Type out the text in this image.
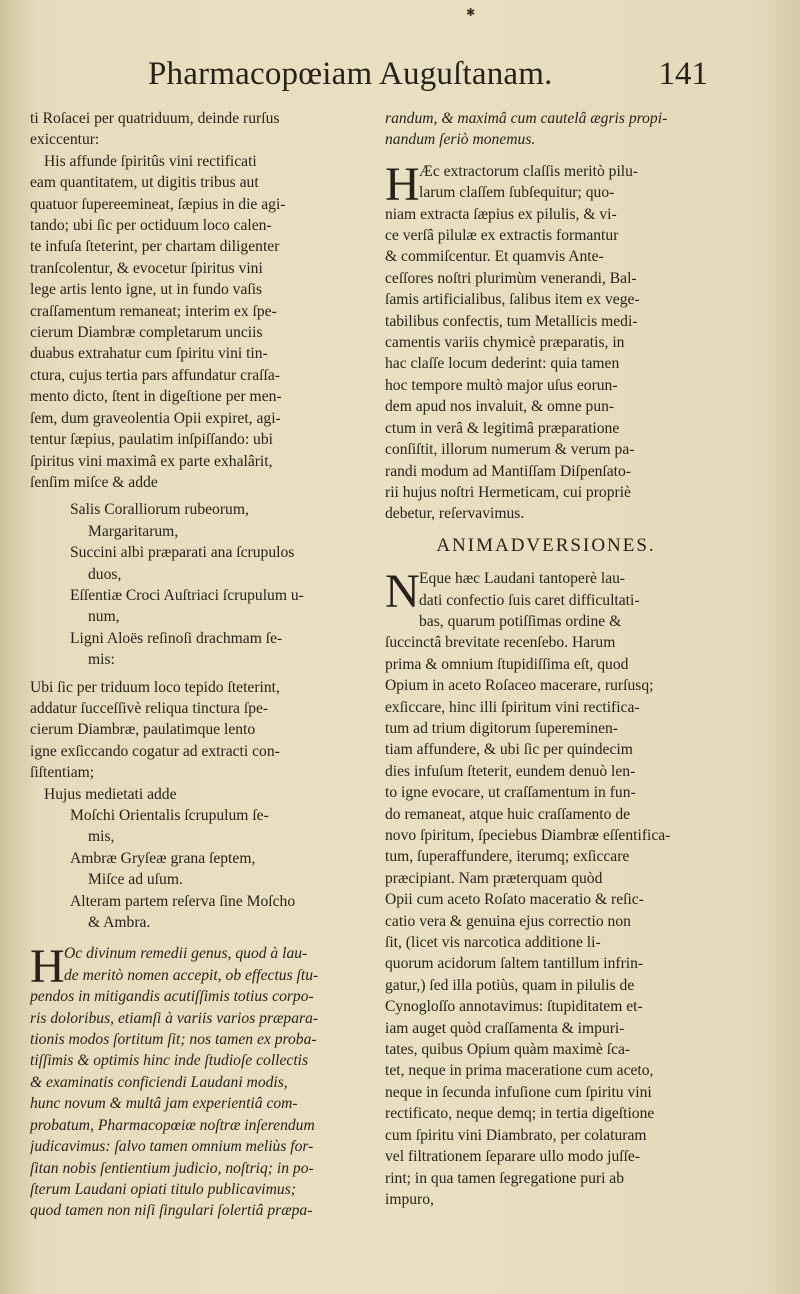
✱
Pharmacopœiam Auguſtanam.	141
ti Roſacei per quatriduum, deinde rurſus
exiccentur:
His affunde ſpiritûs vini rectificati
eam quantitatem, ut digitis tribus aut
quatuor ſupereemineat, ſæpius in die agi-
tando; ubi ſic per octiduum loco calen-
te infuſa ſteterint, per chartam diligenter
tranſcolentur, & evocetur ſpiritus vini
lege artis lento igne, ut in fundo vaſis
craſſamentum remaneat; interim ex ſpe-
cierum Diambræ completarum unciis
duabus extrahatur cum ſpiritu vini tin-
ctura, cujus tertia pars affundatur craſſa-
mento dicto, ſtent in digeſtione per men-
ſem, dum graveolentia Opii expiret, agi-
tentur ſæpius, paulatim inſpiſſando: ubi
ſpiritus vini maximâ ex parte exhalârit,
ſenſim miſce & adde
Salis Coralliorum rubeorum,
Margaritarum,
Succini albi præparati ana ſcrupulos
duos,
Eſſentiæ Croci Auſtriaci ſcrupulum u-
num,
Ligni Aloës reſinoſi drachmam ſe-
mis:
Ubi ſic per triduum loco tepido ſteterint,
addatur ſucceſſivè reliqua tinctura ſpe-
cierum Diambræ, paulatimque lento
igne exſiccando cogatur ad extracti con-
ſiſtentiam;
Hujus medietati adde
Moſchi Orientalis ſcrupulum ſe-
mis,
Ambræ Gryſeæ grana ſeptem,
Miſce ad uſum.
Alteram partem reſerva ſine Moſcho
& Ambra.
H Oc divinum remedii genus, quod à lau-
de meritò nomen accepit, ob effectus ſtu-
pendos in mitigandis acutiſſimis totius corpo-
ris doloribus, etiamſi à variis varios præpara-
tionis modos ſortitum ſit; nos tamen ex proba-
tiſſimis & optimis hinc inde ſtudioſe collectis
& examinatis conficiendi Laudani modis,
hunc novum & multâ jam experientiâ com-
probatum, Pharmacopœiæ noſtræ inſerendum
judicavimus: ſalvo tamen omnium meliùs for-
ſitan nobis ſentientium judicio, noſtriq; in po-
ſterum Laudani opiati titulo publicavimus;
quod tamen non niſi ſingulari ſolertiâ præpa-
randum, & maximâ cum cautelâ ægris propi-
nandum ſeriò monemus.
H Æc extractorum claſſis meritò pilu-
larum claſſem ſubſequitur; quo-
niam extracta ſæpius ex pilulis, & vi-
ce verſâ pilulæ ex extractis formantur
& commiſcentur. Et quamvis Ante-
ceſſores noſtri plurimùm venerandi, Bal-
ſamis artificialibus, ſalibus item ex vege-
tabilibus confectis, tum Metallicis medi-
camentis variis chymicè præparatis, in
hac claſſe locum dederint: quia tamen
hoc tempore multò major uſus eorun-
dem apud nos invaluit, & omne pun-
ctum in verâ & legitimâ præparatione
conſiſtit, illorum numerum & verum pa-
randi modum ad Mantiſſam Diſpenſato-
rii hujus noſtri Hermeticam, cui propriè
debetur, reſervavimus.
ANIMADVERSIONES.
N Eque hæc Laudani tantoperè lau-
dati confectio ſuis caret difficultati-
bas, quarum potiſſimas ordine &
ſuccinctâ brevitate recenſebo. Harum
prima & omnium ſtupidiſſima eſt, quod
Opium in aceto Roſaceo macerare, rurſusq;
exſiccare, hinc illi ſpiritum vini rectifica-
tum ad trium digitorum ſupereminen-
tiam affundere, & ubi ſic per quindecim
dies infuſum ſteterit, eundem denuò len-
to igne evocare, ut craſſamentum in fun-
do remaneat, atque huic craſſamento de
novo ſpiritum, ſpeciebus Diambræ eſſentifica-
tum, ſuperaffundere, iterumq; exſiccare
præcipiant. Nam præterquam quòd
Opii cum aceto Roſato maceratio & reſic-
catio vera & genuina ejus correctio non
ſit, (licet vis narcotica additione li-
quorum acidorum ſaltem tantillum infrin-
gatur,) ſed illa potiùs, quam in pilulis de
Cynogloſſo annotavimus: ſtupiditatem et-
iam auget quòd craſſamenta & impuri-
tates, quibus Opium quàm maximè ſca-
tet, neque in prima maceratione cum aceto,
neque in ſecunda infuſione cum ſpiritu vini
rectificato, neque demq; in tertia digeſtione
cum ſpiritu vini Diambrato, per colaturam
vel filtrationem ſeparare ullo modo juſſe-
rint; in qua tamen ſegregatione puri ab
impuro,
